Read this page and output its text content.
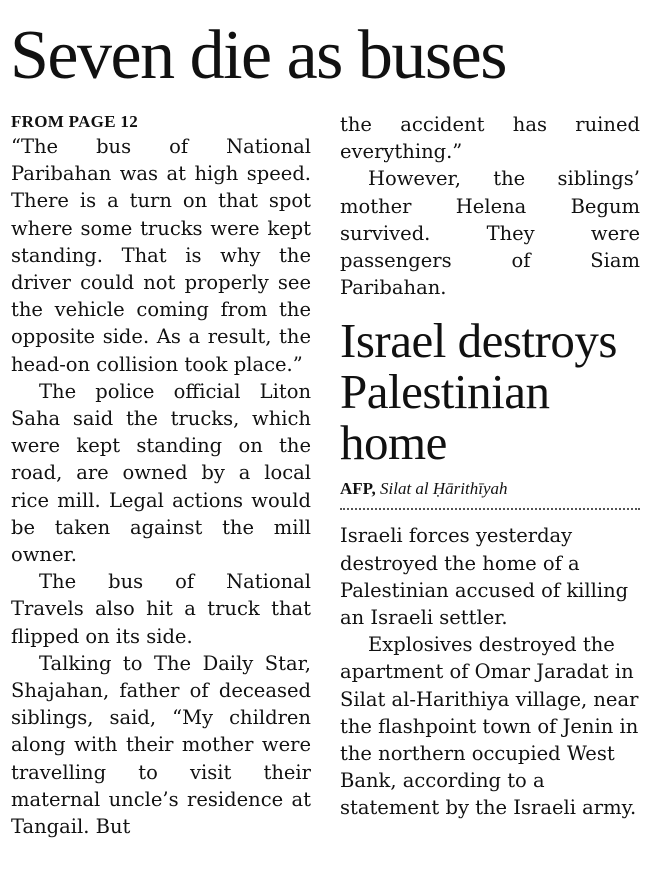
Seven die as buses
FROM PAGE 12

“The bus of National Paribahan was at high speed. There is a turn on that spot where some trucks were kept standing. That is why the driver could not properly see the vehicle coming from the opposite side. As a result, the head-on collision took place.”

The police official Liton Saha said the trucks, which were kept standing on the road, are owned by a local rice mill. Legal actions would be taken against the mill owner.

The bus of National Travels also hit a truck that flipped on its side.

Talking to The Daily Star, Shajahan, father of deceased siblings, said, “My children along with their mother were travelling to visit their maternal uncle’s residence at Tangail. But

the accident has ruined everything.”

However, the siblings’ mother Helena Begum survived. They were passengers of Siam Paribahan.

Israel destroys
Palestinian
home
AFP, Silat al Ḥārithīyah

Israeli forces yesterday destroyed the home of a Palestinian accused of killing an Israeli settler.

Explosives destroyed the apartment of Omar Jaradat in Silat al-Harithiya village, near the flashpoint town of Jenin in the northern occupied West Bank, according to a statement by the Israeli army.
